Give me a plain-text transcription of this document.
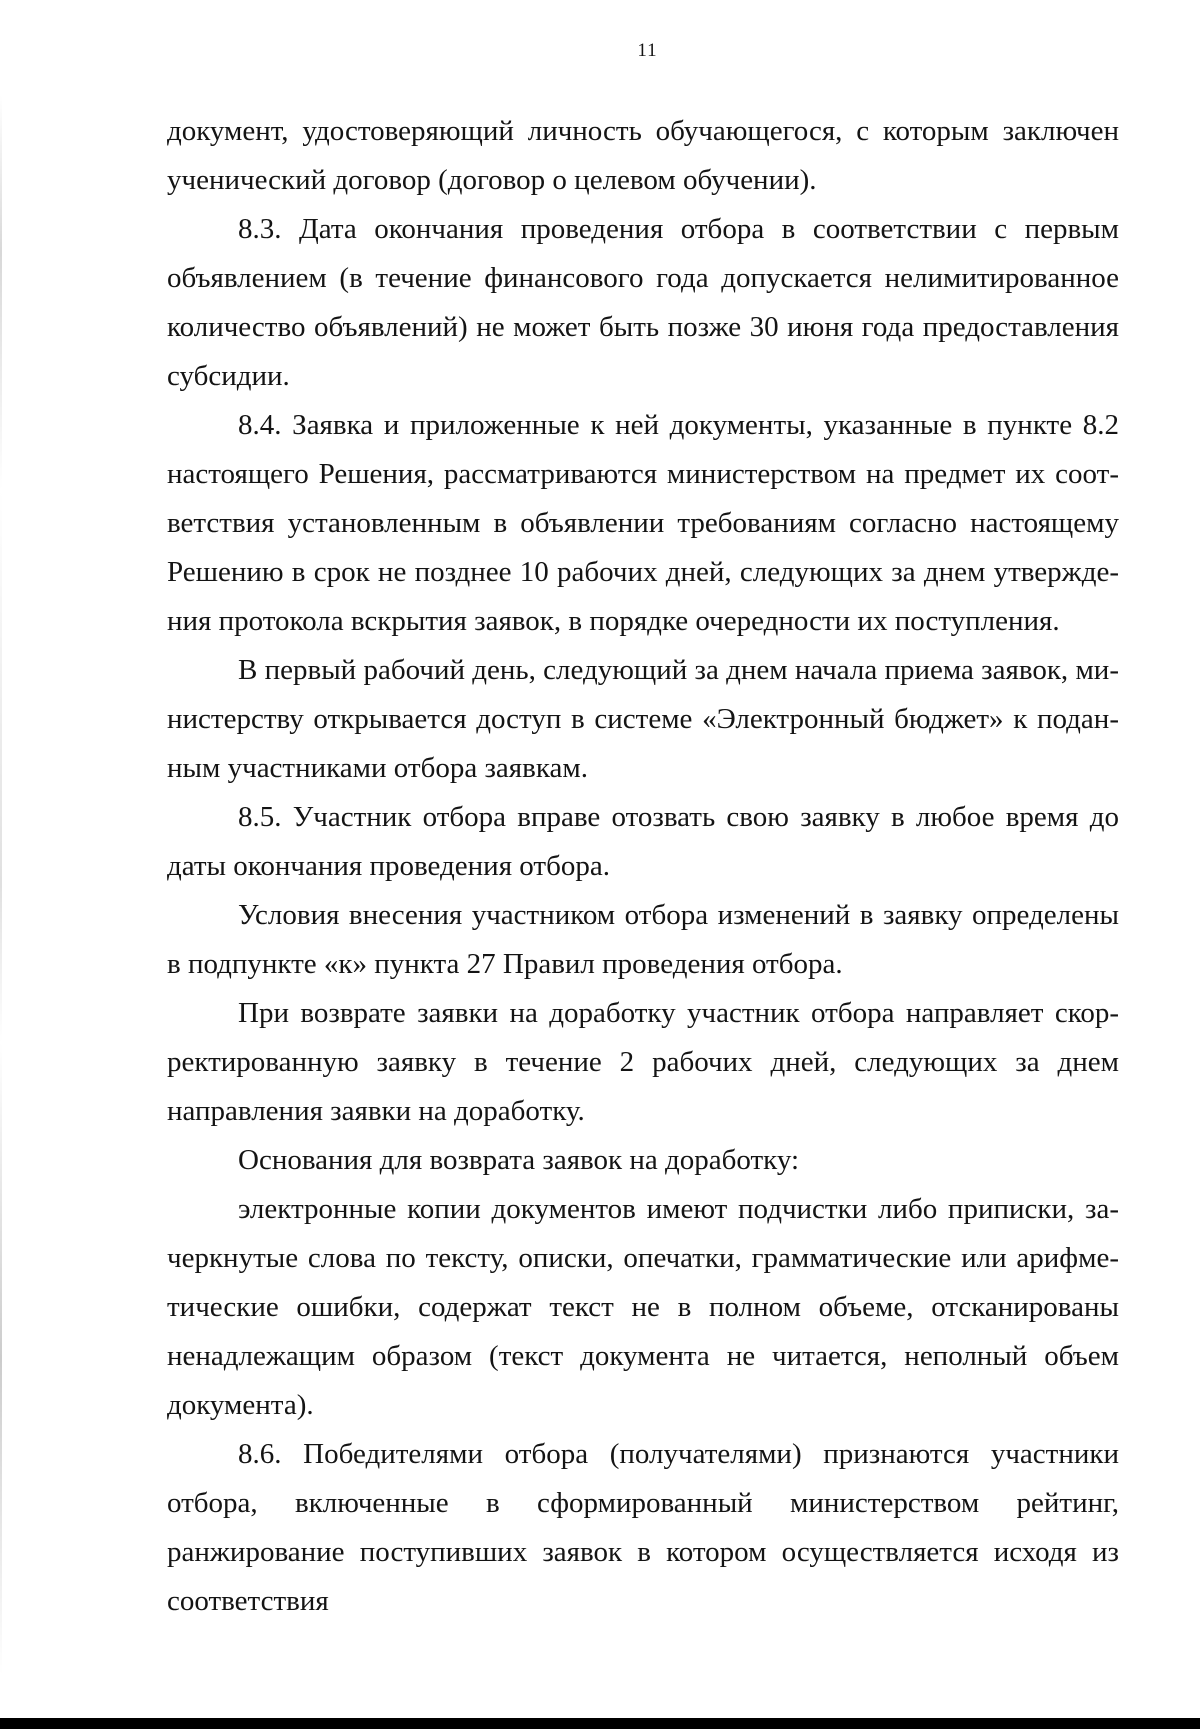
11

документ, удостоверяющий личность обучающегося, с которым заключен ученический договор (договор о целевом обучении).

8.3. Дата окончания проведения отбора в соответствии с первым объявлением (в течение финансового года допускается нелимитированное количество объявлений) не может быть позже 30 июня года предоставления субсидии.

8.4. Заявка и приложенные к ней документы, указанные в пункте 8.2 настоящего Решения, рассматриваются министерством на предмет их соответствия установленным в объявлении требованиям согласно настоящему Решению в срок не позднее 10 рабочих дней, следующих за днем утверждения протокола вскрытия заявок, в порядке очередности их поступления.

В первый рабочий день, следующий за днем начала приема заявок, министерству открывается доступ в системе «Электронный бюджет» к поданным участниками отбора заявкам.

8.5. Участник отбора вправе отозвать свою заявку в любое время до даты окончания проведения отбора.

Условия внесения участником отбора изменений в заявку определены в подпункте «к» пункта 27 Правил проведения отбора.

При возврате заявки на доработку участник отбора направляет скорректированную заявку в течение 2 рабочих дней, следующих за днем направления заявки на доработку.

Основания для возврата заявок на доработку:

электронные копии документов имеют подчистки либо приписки, зачеркнутые слова по тексту, описки, опечатки, грамматические или арифметические ошибки, содержат текст не в полном объеме, отсканированы ненадлежащим образом (текст документа не читается, неполный объем документа).

8.6. Победителями отбора (получателями) признаются участники отбора, включенные в сформированный министерством рейтинг, ранжирование поступивших заявок в котором осуществляется исходя из соответствия
